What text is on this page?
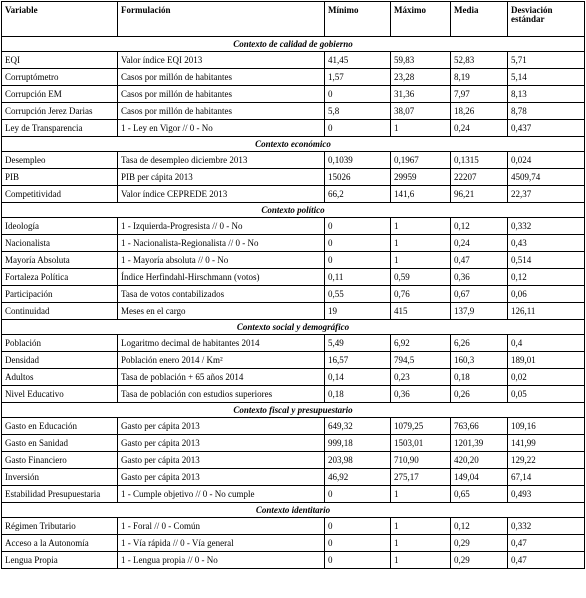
Variable	Formulación	Mínimo	Máximo	Media	Desviación estándar
Contexto de calidad de gobierno					
EQI	Valor índice EQI 2013	41,45	59,83	52,83	5,71
Corruptómetro	Casos por millón de habitantes	1,57	23,28	8,19	5,14
Corrupción EM	Casos por millón de habitantes	0	31,36	7,97	8,13
Corrupción Jerez Darias	Casos por millón de habitantes	5,8	38,07	18,26	8,78
Ley de Transparencia	1 - Ley en Vigor // 0 - No	0	1	0,24	0,437
Contexto económico					
Desempleo	Tasa de desempleo diciembre 2013	0,1039	0,1967	0,1315	0,024
PIB	PIB per cápita 2013	15026	29959	22207	4509,74
Competitividad	Valor índice CEPREDE 2013	66,2	141,6	96,21	22,37
Contexto político					
Ideología	1 - Izquierda-Progresista // 0 - No	0	1	0,12	0,332
Nacionalista	1 - Nacionalista-Regionalista // 0 - No	0	1	0,24	0,43
Mayoría Absoluta	1 - Mayoría absoluta // 0 - No	0	1	0,47	0,514
Fortaleza Política	Índice Herfindahl-Hirschmann (votos)	0,11	0,59	0,36	0,12
Participación	Tasa de votos contabilizados	0,55	0,76	0,67	0,06
Continuidad	Meses en el cargo	19	415	137,9	126,11
Contexto social y demográfico					
Población	Logaritmo decimal de habitantes 2014	5,49	6,92	6,26	0,4
Densidad	Población enero 2014 / Km²	16,57	794,5	160,3	189,01
Adultos	Tasa de población + 65 años 2014	0,14	0,23	0,18	0,02
Nivel Educativo	Tasa de población con estudios superiores	0,18	0,36	0,26	0,05
Contexto fiscal y presupuestario					
Gasto en Educación	Gasto per cápita 2013	649,32	1079,25	763,66	109,16
Gasto en Sanidad	Gasto per cápita 2013	999,18	1503,01	1201,39	141,99
Gasto Financiero	Gasto per cápita 2013	203,98	710,90	420,20	129,22
Inversión	Gasto per cápita 2013	46,92	275,17	149,04	67,14
Estabilidad Presupuestaria	1 - Cumple objetivo // 0 - No cumple	0	1	0,65	0,493
Contexto identitario					
Régimen Tributario	1 - Foral // 0 - Común	0	1	0,12	0,332
Acceso a la Autonomía	1 - Vía rápida // 0 - Vía general	0	1	0,29	0,47
Lengua Propia	1 - Lengua propia // 0 - No	0	1	0,29	0,47
